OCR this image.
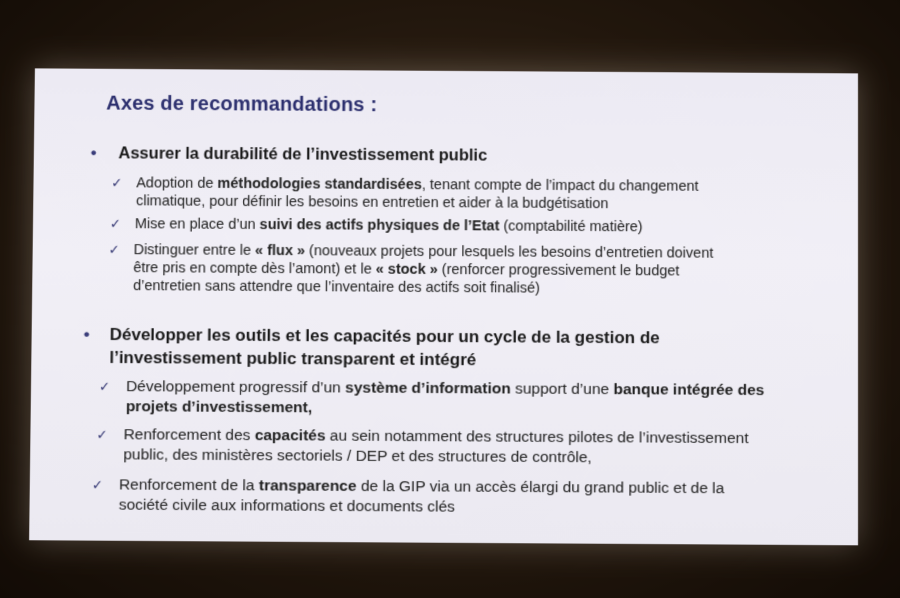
Axes de recommandations :
• Assurer la durabilité de l’investissement public
✓ Adoption de méthodologies standardisées, tenant compte de l’impact du changement
climatique, pour définir les besoins en entretien et aider à la budgétisation
✓ Mise en place d’un suivi des actifs physiques de l’Etat (comptabilité matière)
✓ Distinguer entre le « flux » (nouveaux projets pour lesquels les besoins d’entretien doivent
être pris en compte dès l’amont) et le « stock » (renforcer progressivement le budget
d’entretien sans attendre que l’inventaire des actifs soit finalisé)
• Développer les outils et les capacités pour un cycle de la gestion de
l’investissement public transparent et intégré
✓ Développement progressif d’un système d’information support d’une banque intégrée des
projets d’investissement,
✓ Renforcement des capacités au sein notamment des structures pilotes de l’investissement
public, des ministères sectoriels / DEP et des structures de contrôle,
✓ Renforcement de la transparence de la GIP via un accès élargi du grand public et de la
société civile aux informations et documents clés
